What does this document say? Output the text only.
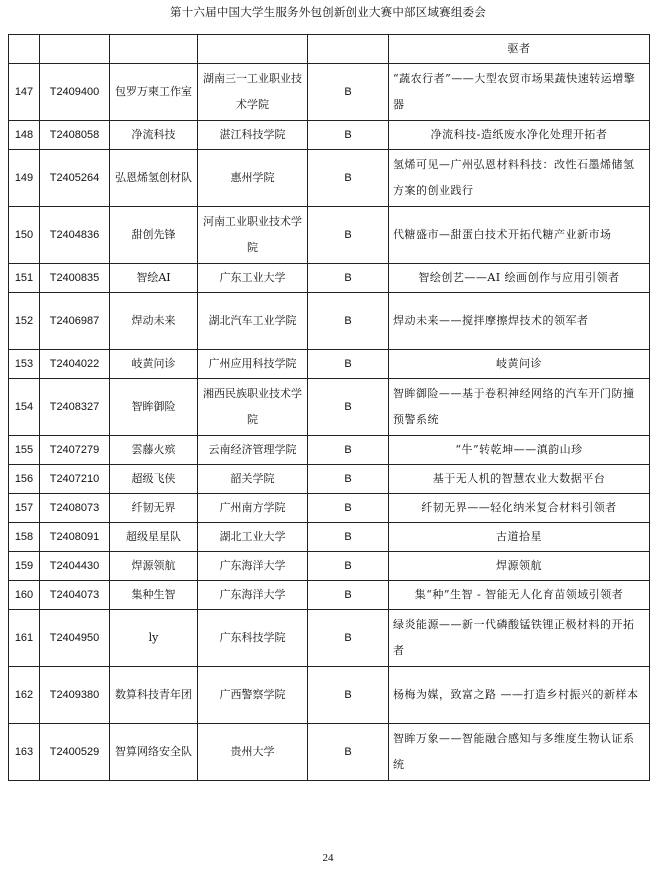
第十六届中国大学生服务外包创新创业大赛中部区域赛组委会
					驱者
147	T2409400	包罗万柬工作室	湖南三一工业职业技术学院	B	“蔬农行者”——大型农贸市场果蔬快速转运增擎器
148	T2408058	净流科技	湛江科技学院	B	净流科技-造纸废水净化处理开拓者
149	T2405264	弘恩烯氢创材队	惠州学院	B	氢烯可见—广州弘恩材料科技：改性石墨烯储氢方案的创业践行
150	T2404836	甜创先锋	河南工业职业技术学院	B	代糖盛市—甜蛋白技术开拓代糖产业新市场
151	T2400835	智绘AI	广东工业大学	B	智绘创艺——AI 绘画创作与应用引领者
152	T2406987	焊动未来	湖北汽车工业学院	B	焊动未来——搅拌摩擦焊技术的领军者
153	T2404022	岐黄问诊	广州应用科技学院	B	岐黄问诊
154	T2408327	智眸御险	湘西民族职业技术学院	B	智眸御险——基于卷积神经网络的汽车开门防撞预警系统
155	T2407279	雲藤火殡	云南经济管理学院	B	“牛”转乾坤——滇韵山珍
156	T2407210	超级飞侠	韶关学院	B	基于无人机的智慧农业大数据平台
157	T2408073	纤韧无界	广州南方学院	B	纤韧无界——轻化纳米复合材料引领者
158	T2408091	超级星星队	湖北工业大学	B	古道拾星
159	T2404430	焊源领航	广东海洋大学	B	焊源领航
160	T2404073	集种生智	广东海洋大学	B	集“种”生智 - 智能无人化育苗领域引领者
161	T2404950	ly	广东科技学院	B	绿炎能源——新一代磷酸锰铁锂正极材料的开拓者
162	T2409380	数算科技青年团	广西警察学院	B	杨梅为媒，致富之路 ——打造乡村振兴的新样本
163	T2400529	智算网络安全队	贵州大学	B	智眸万象——智能融合感知与多维度生物认证系统
24
